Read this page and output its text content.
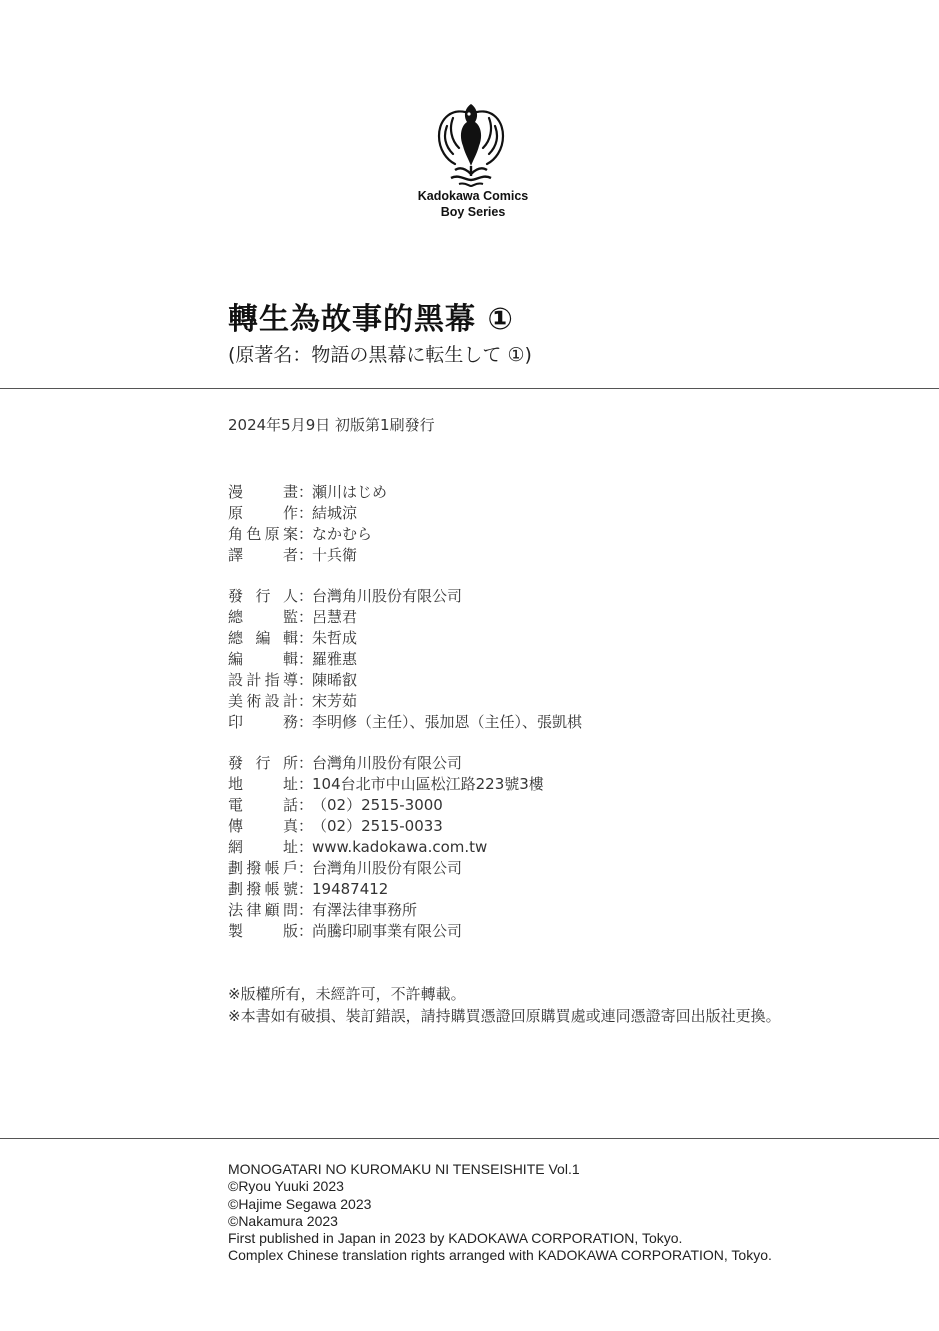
Kadokawa Comics
Boy Series
轉生為故事的黑幕 ①
(原著名：物語の黒幕に転生して ①)
2024年5月9日 初版第1刷發行
漫	畫 ：
瀬川はじめ
原	作 ：
結城涼
角 色 原 案 ：
なかむら
譯	者 ：
十兵衛
發 行 人 ：
台灣角川股份有限公司
總	監 ：
呂慧君
總 編 輯 ：
朱哲成
編	輯 ：
羅雅惠
設 計 指 導 ：
陳晞叡
美 術 設 計 ：
宋芳茹
印	務 ：
李明修（主任）、張加恩（主任）、張凱棋
發 行 所 ：
台灣角川股份有限公司
地	址 ：
104台北市中山區松江路223號3樓
電	話 ：
（02）2515-3000
傳	真 ：
（02）2515-0033
網	址 ：
www.kadokawa.com.tw
劃 撥 帳 戶 ：
台灣角川股份有限公司
劃 撥 帳 號 ：
19487412
法 律 顧 問 ：
有澤法律事務所
製	版 ：
尚騰印刷事業有限公司
※版權所有，未經許可，不許轉載。
※本書如有破損、裝訂錯誤，請持購買憑證回原購買處或連同憑證寄回出版社更換。
MONOGATARI NO KUROMAKU NI TENSEISHITE Vol.1
©Ryou Yuuki 2023
©Hajime Segawa 2023
©Nakamura 2023
First published in Japan in 2023 by KADOKAWA CORPORATION, Tokyo.
Complex Chinese translation rights arranged with KADOKAWA CORPORATION, Tokyo.
